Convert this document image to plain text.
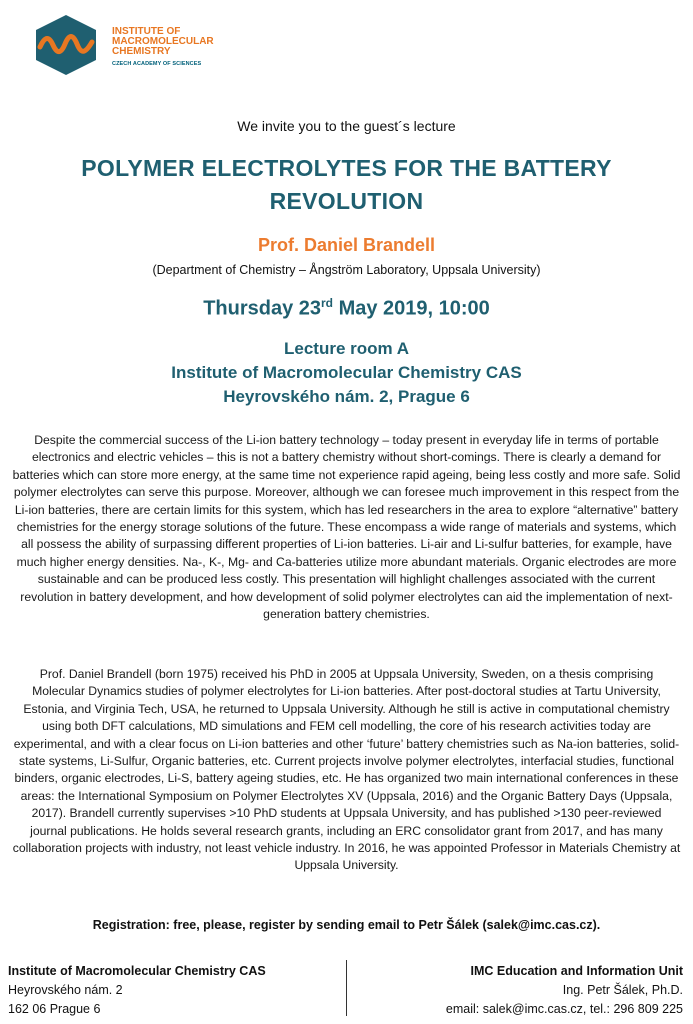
INSTITUTE OF
MACROMOLECULAR
CHEMISTRY
CZECH ACADEMY OF SCIENCES
We invite you to the guest´s lecture
POLYMER ELECTROLYTES FOR THE BATTERY
REVOLUTION
Prof. Daniel Brandell
(Department of Chemistry – Ångström Laboratory, Uppsala University)
Thursday 23rd May 2019, 10:00
Lecture room A
Institute of Macromolecular Chemistry CAS
Heyrovského nám. 2, Prague 6

Despite the commercial success of the Li-ion battery technology – today present in everyday life in terms of portable electronics and electric vehicles – this is not a battery chemistry without short-comings. There is clearly a demand for batteries which can store more energy, at the same time not experience rapid ageing, being less costly and more safe. Solid polymer electrolytes can serve this purpose. Moreover, although we can foresee much improvement in this respect from the Li-ion batteries, there are certain limits for this system, which has led researchers in the area to explore “alternative” battery chemistries for the energy storage solutions of the future. These encompass a wide range of materials and systems, which all possess the ability of surpassing different properties of Li-ion batteries. Li-air and Li-sulfur batteries, for example, have much higher energy densities. Na-, K-, Mg- and Ca-batteries utilize more abundant materials. Organic electrodes are more sustainable and can be produced less costly. This presentation will highlight challenges associated with the current revolution in battery development, and how development of solid polymer electrolytes can aid the implementation of next-generation battery chemistries.

Prof. Daniel Brandell (born 1975) received his PhD in 2005 at Uppsala University, Sweden, on a thesis comprising Molecular Dynamics studies of polymer electrolytes for Li-ion batteries. After post-doctoral studies at Tartu University, Estonia, and Virginia Tech, USA, he returned to Uppsala University. Although he still is active in computational chemistry using both DFT calculations, MD simulations and FEM cell modelling, the core of his research activities today are experimental, and with a clear focus on Li-ion batteries and other ‘future’ battery chemistries such as Na-ion batteries, solid-state systems, Li-Sulfur, Organic batteries, etc. Current projects involve polymer electrolytes, interfacial studies, functional binders, organic electrodes, Li-S, battery ageing studies, etc. He has organized two main international conferences in these areas: the International Symposium on Polymer Electrolytes XV (Uppsala, 2016) and the Organic Battery Days (Uppsala, 2017). Brandell currently supervises >10 PhD students at Uppsala University, and has published >130 peer-reviewed journal publications. He holds several research grants, including an ERC consolidator grant from 2017, and has many collaboration projects with industry, not least vehicle industry. In 2016, he was appointed Professor in Materials Chemistry at Uppsala University.

Registration: free, please, register by sending email to Petr Šálek (salek@imc.cas.cz).
Institute of Macromolecular Chemistry CAS
Heyrovského nám. 2
162 06 Prague 6
IMC Education and Information Unit
Ing. Petr Šálek, Ph.D.
email: salek@imc.cas.cz, tel.: 296 809 225
